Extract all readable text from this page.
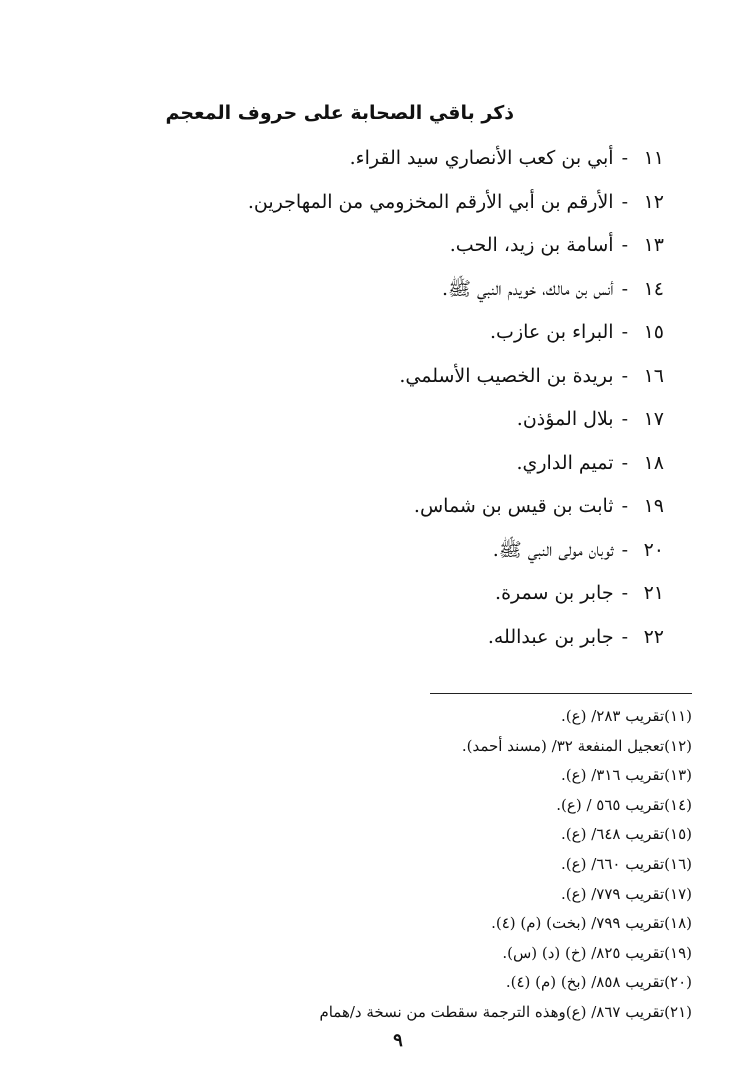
ذكر باقي الصحابة على حروف المعجم
١١-أبي بن كعب الأنصاري سيد القراء.
١٢-الأرقم بن أبي الأرقم المخزومي من المهاجرين.
١٣-أسامة بن زيد، الحب.
١٤-أنس بن مالك، خويدم النبي ﷺ.
١٥-البراء بن عازب.
١٦-بريدة بن الخصيب الأسلمي.
١٧-بلال المؤذن.
١٨-تميم الداري.
١٩-ثابت بن قيس بن شماس.
٢٠-ثوبان مولى النبي ﷺ.
٢١-جابر بن سمرة.
٢٢-جابر بن عبدالله.
(١١)تقريب ٢٨٣/ (ع).
(١٢)تعجيل المنفعة ٣٢/ (مسند أحمد).
(١٣)تقريب ٣١٦/ (ع).
(١٤)تقريب ٥٦٥ / (ع).
(١٥)تقريب ٦٤٨/ (ع).
(١٦)تقريب ٦٦٠/ (ع).
(١٧)تقريب ٧٧٩/ (ع).
(١٨)تقريب ٧٩٩/ (بخت) (م) (٤).
(١٩)تقريب ٨٢٥/ (خ) (د) (س).
(٢٠)تقريب ٨٥٨/ (بخ) (م) (٤).
(٢١)تقريب ٨٦٧/ (ع)وهذه الترجمة سقطت من نسخة د/همام
٩
